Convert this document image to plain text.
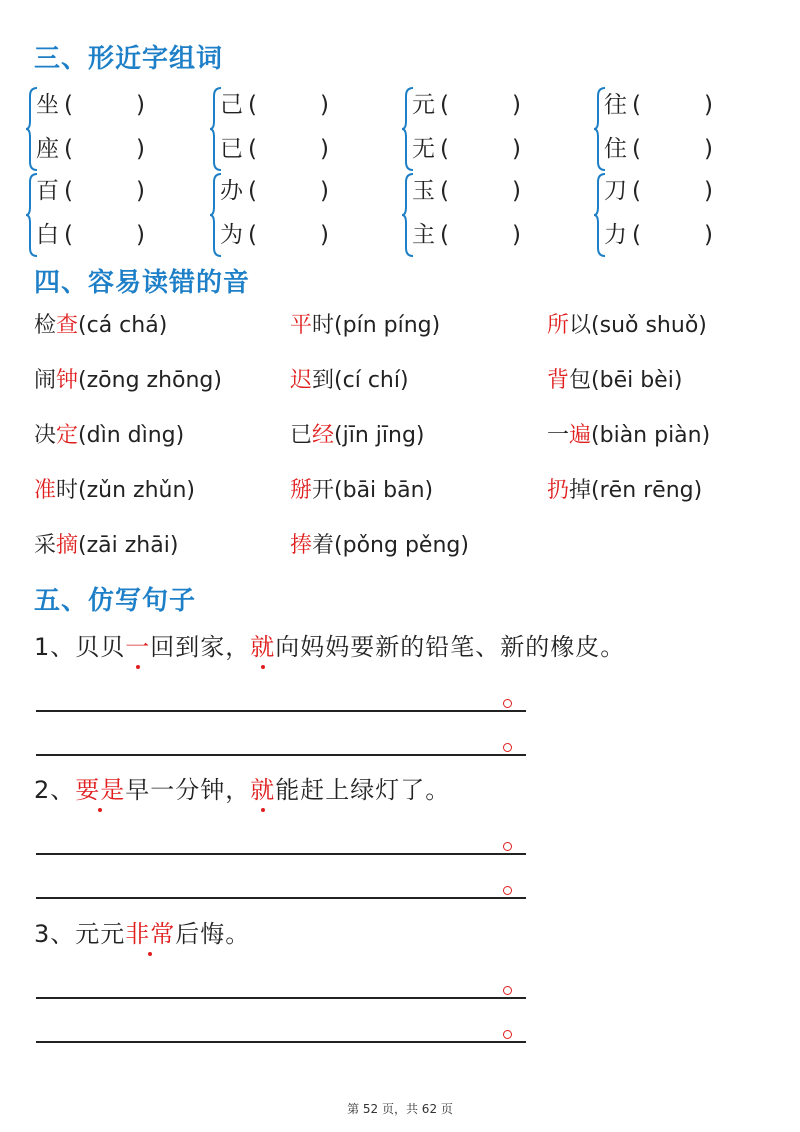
三、形近字组词
坐 (	)
座 (	)
己 (	)
已 (	)
元 (	)
无 (	)
往 (	)
住 (	)
百 (	)
白 (	)
办 (	)
为 (	)
玉 (	)
主 (	)
刀 (	)
力 (	)
四、容易读错的音
检查(cá chá)	平时(pín píng)	所以(suǒ shuǒ)
闹钟(zōng zhōng)	迟到(cí chí)	背包(bēi bèi)
决定(dìn dìng)	已经(jīn jīng)	一遍(biàn piàn)
准时(zǔn zhǔn)	掰开(bāi bān)	扔掉(rēn rēng)
采摘(zāi zhāi)	捧着(pǒng pěng)
五、仿写句子
1、贝贝一回到家，就向妈妈要新的铅笔、新的橡皮。
2、要是早一分钟，就能赶上绿灯了。
3、元元非常后悔。
第 52 页，共 62 页
